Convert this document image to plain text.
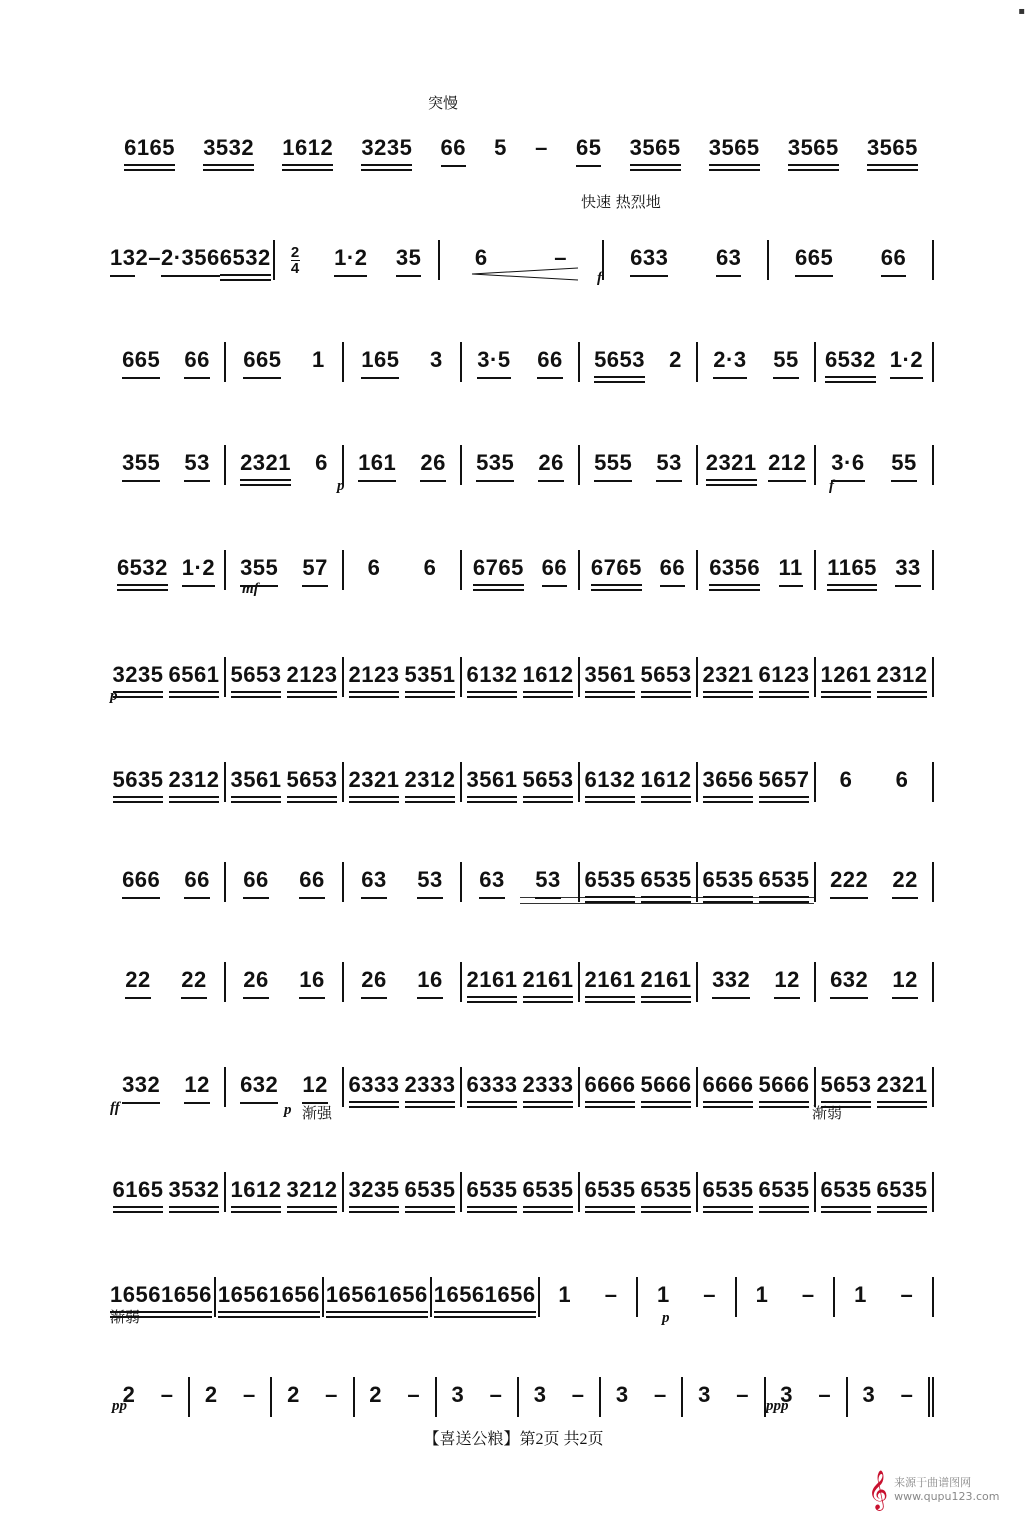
▪
突慢
快速 热烈地
f
p	f
mf
p
ff	p 渐强	渐弱
渐弱	p
pp	ppp
6165 3532 1612 3235 66 5 – 65 3565 3565 3565 3565
13 2 – 2·356 6532 2
4 1·2 35 6	–	633 63 665 66
665 66 665 1 165 3 3·5 66 5653 2 2·3 55 6532 1·2
355 53 2321 6 161 26 535 26 555 53 2321 212 3·6 55
6532 1·2 355 57 6 6 6765 66 6765 66 6356 11 1165 33
3235 6561 5653 2123 2123 5351 6132 1612 3561 5653 2321 6123 1261 2312
5635 2312 3561 5653 2321 2312 3561 5653 6132 1612 3656 5657 6 6
666 66 66 66 63 53 63 53 6535 6535 6535 6535 222 22
22 22 26 16 26 16 2161 2161 2161 2161 332 12 632 12
332 12 632 12 6333 2333 6333 2333 6666 5666 6666 5666 5653 2321
6165 3532 1612 3212 3235 6535 6535 6535 6535 6535 6535 6535 6535 6535
1656 1656 1656 1656 1656 1656 1656 1656 1 – 1 – 1 – 1 –
2 – 2 – 2 – 2 – 3 – 3 – 3 – 3 – 3 – 3 –
【喜送公粮】第2页 共2页
𝄞 来源于曲谱图网
www.qupu123.com
